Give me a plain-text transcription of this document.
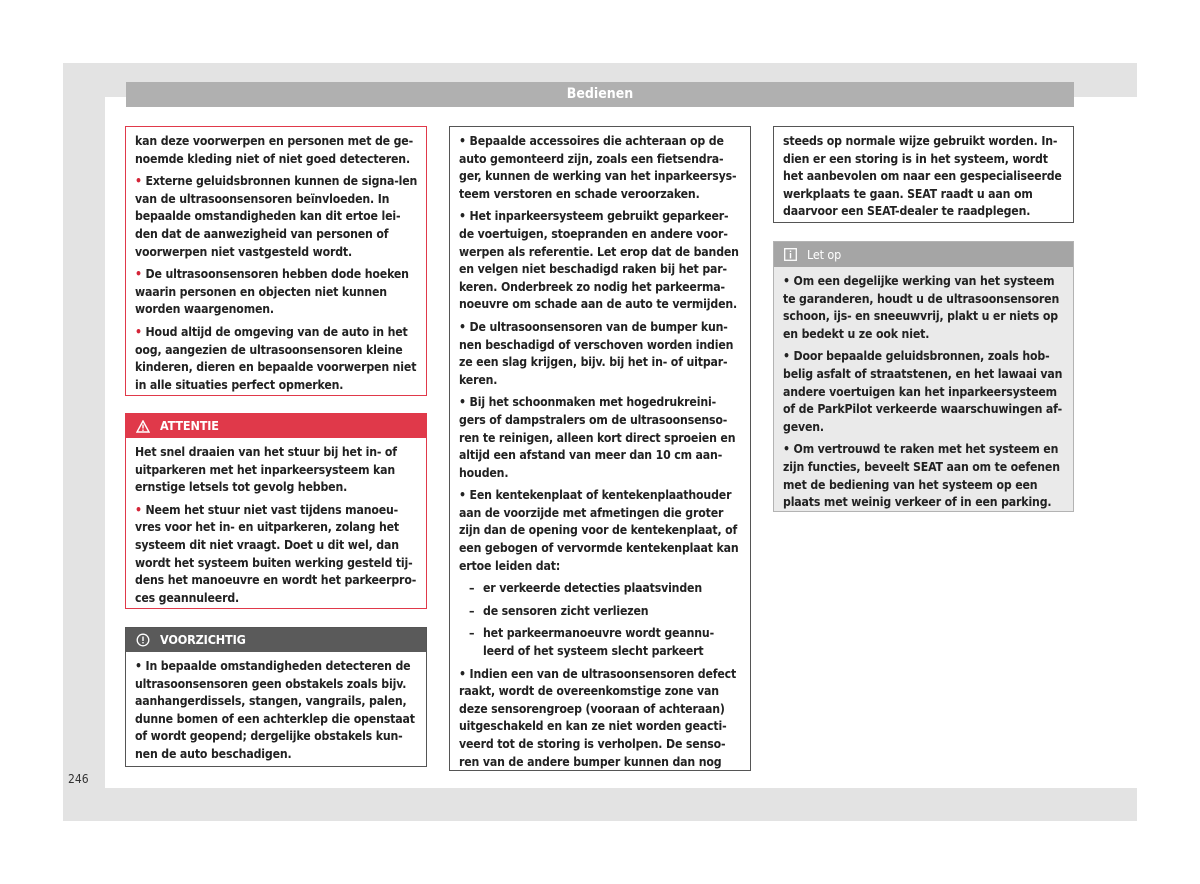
Bedienen

kan deze voorwerpen en personen met de ge-noemde kleding niet of niet goed detecteren.

• Externe geluidsbronnen kunnen de signa-len van de ultrasoonsensoren beïnvloeden. In bepaalde omstandigheden kan dit ertoe lei-den dat de aanwezigheid van personen of voorwerpen niet vastgesteld wordt.

• De ultrasoonsensoren hebben dode hoeken waarin personen en objecten niet kunnen worden waargenomen.

• Houd altijd de omgeving van de auto in het oog, aangezien de ultrasoonsensoren kleine kinderen, dieren en bepaalde voorwerpen niet in alle situaties perfect opmerken.

ATTENTIE

Het snel draaien van het stuur bij het in- of uitparkeren met het inparkeersysteem kan ernstige letsels tot gevolg hebben.

• Neem het stuur niet vast tijdens manoeu-vres voor het in- en uitparkeren, zolang het systeem dit niet vraagt. Doet u dit wel, dan wordt het systeem buiten werking gesteld tij-dens het manoeuvre en wordt het parkeerpro-ces geannuleerd.

VOORZICHTIG

• In bepaalde omstandigheden detecteren de ultrasoonsensoren geen obstakels zoals bijv. aanhangerdissels, stangen, vangrails, palen, dunne bomen of een achterklep die openstaat of wordt geopend; dergelijke obstakels kun-nen de auto beschadigen.

• Bepaalde accessoires die achteraan op de auto gemonteerd zijn, zoals een fietsendra-ger, kunnen de werking van het inparkeersys-teem verstoren en schade veroorzaken.

• Het inparkeersysteem gebruikt geparkeer-de voertuigen, stoepranden en andere voor-werpen als referentie. Let erop dat de banden en velgen niet beschadigd raken bij het par-keren. Onderbreek zo nodig het parkeerma-noeuvre om schade aan de auto te vermijden.

• De ultrasoonsensoren van de bumper kun-nen beschadigd of verschoven worden indien ze een slag krijgen, bijv. bij het in- of uitpar-keren.

• Bij het schoonmaken met hogedrukreini-gers of dampstralers om de ultrasoonsenso-ren te reinigen, alleen kort direct sproeien en altijd een afstand van meer dan 10 cm aan-houden.

• Een kentekenplaat of kentekenplaathouder aan de voorzijde met afmetingen die groter zijn dan de opening voor de kentekenplaat, of een gebogen of vervormde kentekenplaat kan ertoe leiden dat:

– er verkeerde detecties plaatsvinden
– de sensoren zicht verliezen
– het parkeermanoeuvre wordt geannu-leerd of het systeem slecht parkeert

• Indien een van de ultrasoonsensoren defect raakt, wordt de overeenkomstige zone van deze sensorengroep (vooraan of achteraan) uitgeschakeld en kan ze niet worden geacti-veerd tot de storing is verholpen. De senso-ren van de andere bumper kunnen dan nog

steeds op normale wijze gebruikt worden. In-dien er een storing is in het systeem, wordt het aanbevolen om naar een gespecialiseerde werkplaats te gaan. SEAT raadt u aan om daarvoor een SEAT-dealer te raadplegen.

Let op

• Om een degelijke werking van het systeem te garanderen, houdt u de ultrasoonsensoren schoon, ijs- en sneeuwvrij, plakt u er niets op en bedekt u ze ook niet.

• Door bepaalde geluidsbronnen, zoals hob-belig asfalt of straatstenen, en het lawaai van andere voertuigen kan het inparkeersysteem of de ParkPilot verkeerde waarschuwingen af-geven.

• Om vertrouwd te raken met het systeem en zijn functies, beveelt SEAT aan om te oefenen met de bediening van het systeem op een plaats met weinig verkeer of in een parking.

246
